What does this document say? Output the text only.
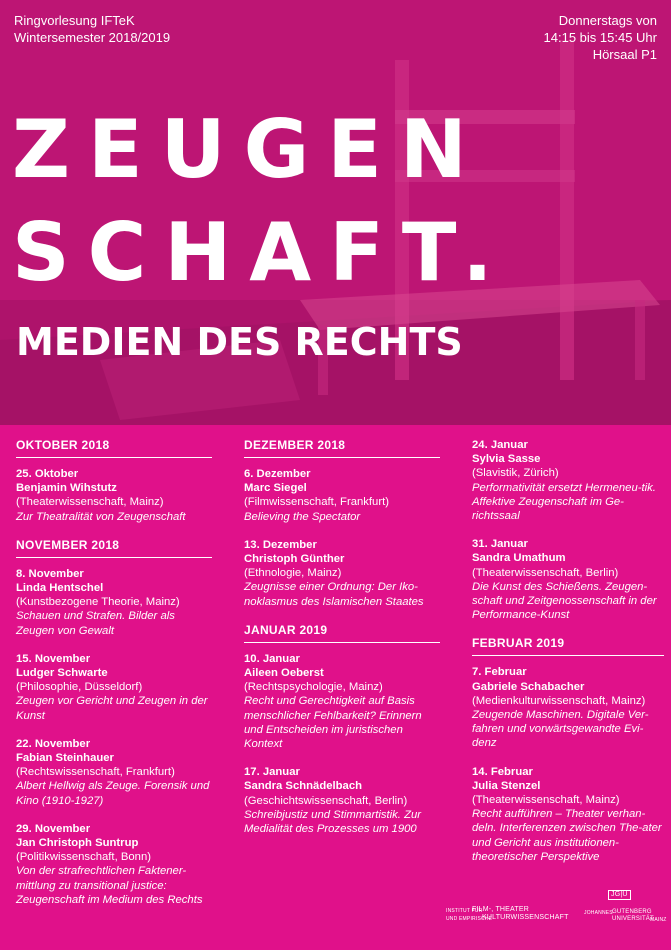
Ringvorlesung IFTeK
Wintersemester 2018/2019
Donnerstags von
14:15 bis 15:45 Uhr
Hörsaal P1
ZEUGEN
SCHAFT.
MEDIEN DES RECHTS
OKTOBER 2018
25. Oktober
Benjamin Wihstutz
(Theaterwissenschaft, Mainz)
Zur Theatralität von Zeugenschaft
NOVEMBER 2018
8. November
Linda Hentschel
(Kunstbezogene Theorie, Mainz)
Schauen und Strafen. Bilder als Zeugen von Gewalt
15. November
Ludger Schwarte
(Philosophie, Düsseldorf)
Zeugen vor Gericht und Zeugen in der Kunst
22. November
Fabian Steinhauer
(Rechtswissenschaft, Frankfurt)
Albert Hellwig als Zeuge. Forensik und Kino (1910-1927)
29. November
Jan Christoph Suntrup
(Politikwissenschaft, Bonn)
Von der strafrechtlichen Faktener-mittlung zu transitional justice: Zeugenschaft im Medium des Rechts
DEZEMBER 2018
6. Dezember
Marc Siegel
(Filmwissenschaft, Frankfurt)
Believing the Spectator
13. Dezember
Christoph Günther
(Ethnologie, Mainz)
Zeugnisse einer Ordnung: Der Iko-noklasmus des Islamischen Staates
JANUAR 2019
10. Januar
Aileen Oeberst
(Rechtspsychologie, Mainz)
Recht und Gerechtigkeit auf Basis menschlicher Fehlbarkeit? Erinnern und Entscheiden im juristischen Kontext
17. Januar
Sandra Schnädelbach
(Geschichtswissenschaft, Berlin)
Schreibjustiz und Stimmartistik. Zur Medialität des Prozesses um 1900
24. Januar
Sylvia Sasse
(Slavistik, Zürich)
Performativität ersetzt Hermeneu-tik. Affektive Zeugenschaft im Ge-richtssaal
31. Januar
Sandra Umathum
(Theaterwissenschaft, Berlin)
Die Kunst des Schießens. Zeugen-schaft und Zeitgenossenschaft in der Performance-Kunst
FEBRUAR 2019
7. Februar
Gabriele Schabacher
(Medienkulturwissenschaft, Mainz)
Zeugende Maschinen. Digitale Ver-fahren und vorwärtsgewandte Evi-denz
14. Februar
Julia Stenzel
(Theaterwissenschaft, Mainz)
Recht aufführen – Theater verhan-deln. Interferenzen zwischen The-ater und Gericht aus institutionen-theoretischer Perspektive
INSTITUT FÜR
FILM-, THEATER
UND EMPIRISCHE
KULTURWISSENSCHAFT
JG|U
JOHANNES GUTENBERG
UNIVERSITÄT
MAINZ
